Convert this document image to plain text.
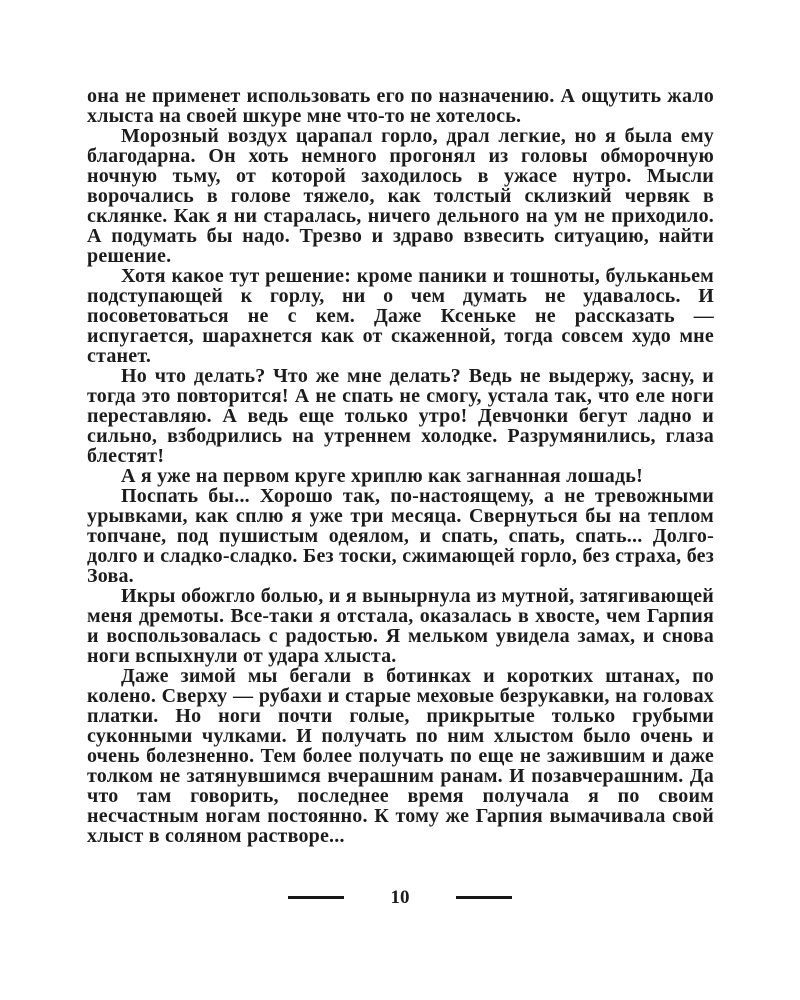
она не применет использовать его по назначению. А ощутить жало хлыста на своей шкуре мне что-то не хотелось.

Морозный воздух царапал горло, драл легкие, но я была ему благодарна. Он хоть немного прогонял из головы обморочную ночную тьму, от которой заходилось в ужасе нутро. Мысли ворочались в голове тяжело, как толстый склизкий червяк в склянке. Как я ни старалась, ничего дельного на ум не приходило. А подумать бы надо. Трезво и здраво взвесить ситуацию, найти решение.

Хотя какое тут решение: кроме паники и тошноты, бульканьем подступающей к горлу, ни о чем думать не удавалось. И посоветоваться не с кем. Даже Ксеньке не рассказать — испугается, шарахнется как от скаженной, тогда совсем худо мне станет.

Но что делать? Что же мне делать? Ведь не выдержу, засну, и тогда это повторится! А не спать не смогу, устала так, что еле ноги переставляю. А ведь еще только утро! Девчонки бегут ладно и сильно, взбодрились на утреннем холодке. Разрумянились, глаза блестят!

А я уже на первом круге хриплю как загнанная лошадь!

Поспать бы... Хорошо так, по-настоящему, а не тревожными урывками, как сплю я уже три месяца. Свернуться бы на теплом топчане, под пушистым одеялом, и спать, спать, спать... Долго-долго и сладко-сладко. Без тоски, сжимающей горло, без страха, без Зова.

Икры обожгло болью, и я вынырнула из мутной, затягивающей меня дремоты. Все-таки я отстала, оказалась в хвосте, чем Гарпия и воспользовалась с радостью. Я мельком увидела замах, и снова ноги вспыхнули от удара хлыста.

Даже зимой мы бегали в ботинках и коротких штанах, по колено. Сверху — рубахи и старые меховые безрукавки, на головах платки. Но ноги почти голые, прикрытые только грубыми суконными чулками. И получать по ним хлыстом было очень и очень болезненно. Тем более получать по еще не зажившим и даже толком не затянувшимся вчерашним ранам. И позавчерашним. Да что там говорить, последнее время получала я по своим несчастным ногам постоянно. К тому же Гарпия вымачивала свой хлыст в соляном растворе...

10
